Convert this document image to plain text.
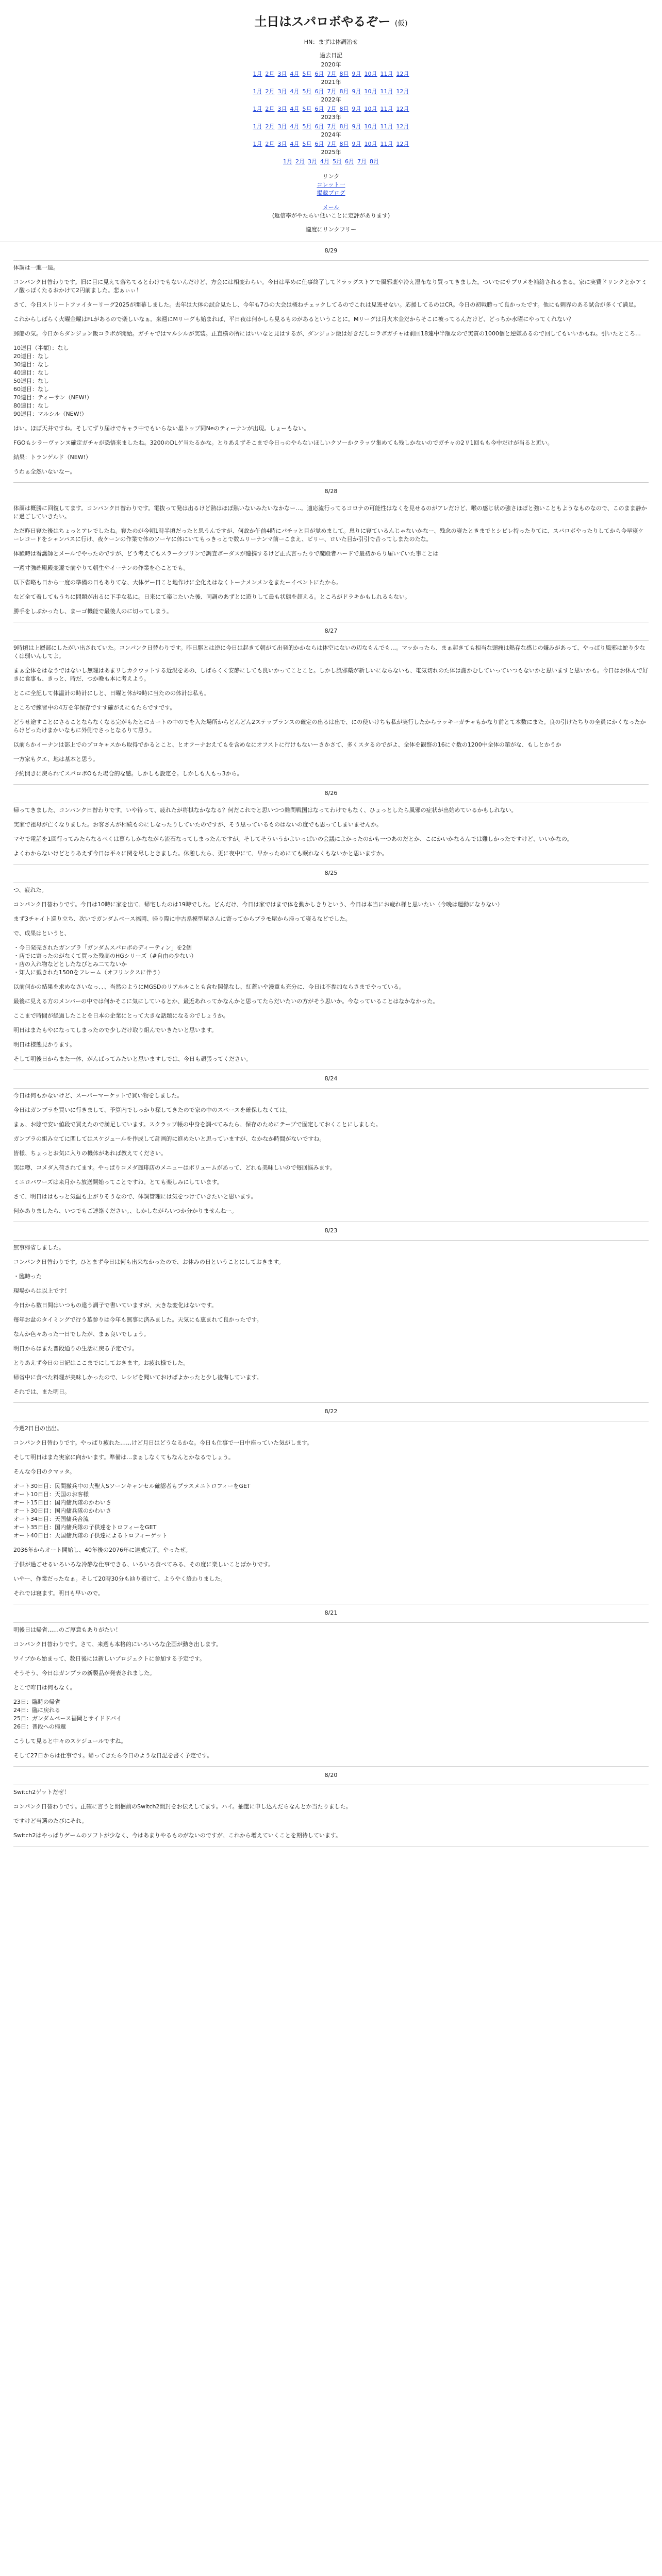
土日はスパロボやるぞー (仮)
HN：まずは体調治せ
過去日記
2020年
1月 2月 3月 4月 5月 6月 7月 8月 9月 10月 11月 12月
2021年
1月 2月 3月 4月 5月 6月 7月 8月 9月 10月 11月 12月
2022年
1月 2月 3月 4月 5月 6月 7月 8月 9月 10月 11月 12月
2023年
1月 2月 3月 4月 5月 6月 7月 8月 9月 10月 11月 12月
2024年
1月 2月 3月 4月 5月 6月 7月 8月 9月 10月 11月 12月
2025年
1月 2月 3月 4月 5月 6月 7月 8月
リンク
コレット一
掲載ブログ
メール
(返信率がやたらい低いことに定評があります)
適度にリンクフリー
8/29

体調は一進一退。

コンパンク日替わりです。旧に目に見えて落ちてるとわけでもないんだけど、方会には相変わらい。今日は早めに仕事終了してドラッグストアで風邪薬や冷え湿布なり買ってきました。ついでにサプリメを補給されるまる。家に実費ドリンクとかアミノ酸っぽくたるおかけて2円前ました。悲ぁぃぃ！

さて、今日ストリートファイターリーグ2025が開幕しました。去年は大体の試合見たし、今年も7ひの大会は概ねチェックしてるのでこれは見逃せない。応援してるのはCR。今日の初戦勝って良かったです。他にも刺界のある試合が多くて満足。

これからしばらく火曜金曜はFLがあるので楽しいなぁ。来週にMリーグも始まれば、平日夜は何かしら見るものがあるということに。Mリーグは月火木金だからそこに被ってるんだけど、どっちか水曜にやってくれない？

郵船の気。今日からダンジョン飯コラボが開始。ガチャではマルシルが実装。正直横の所にはいいなと見はするが、ダンジョン飯は好きだしコラボガチャは前回18連中半額なので実質の1000個と逆嫌あるので回してもいいかもね。引いたところ…

10連目（半額）：なし
20連目：なし
30連目：なし
40連目：なし
50連目：なし
60連目：なし
70連目：ティーサン（NEW!）
80連目：なし
90連目：マルシル（NEW!）

はい。ほぼ天井ですね。そしてずり届けでキャラ中でもいらない塁トップ同Neのティーナンが出現。しょーもない。

FGOもシラーヴァンヌ確定ガチャが恐悟来ましたね。3200のDLゲ当たるかな。とりあえずそこまで今日っのやらないほしいクソーかクラッツ集めても残しかないのでガチャの2リ1回もも今中だけが当ると近い。

結果：トランゲルド（NEW!）

うわぁ全然いないなー。

8/28

体調は概勝に回復してます。コンパンク日替わりです。電抜って発は出るけど熱はほぼ熱いないみたいなかなー…。適応流行ってるコロナの可能性はなくを見せるのがアレだけど、喉の感じ状の強さほぼと強いこともようなものなので、このまま静かに過ごしていきたい。

ただ昨日寝た後はちょっとアレでしたね。寝たのが今朝1時半頃だったと思うんですが、何故か午前4時にパチッと目が覚めまして。息りに寝ているんじゃないかなー、残念の寝たときまでとシビレ持ったりてに、スパロボやったりしてから今早寝ケーレコードをシャンパスに行け、夜ケーンの作業で体のソーヤに体にいてもっきっとで数ムリーナンマ前ーこまえ、ビリー、ロいた目か引引で昔ってしまたのたな。

体験時は看護師とメールでやったのですが、どう考えてもスラークプリンで調査ボーダスが連携するけど正式言ったりで魔殿者ハードで最初からり届いていた事ことは

一週寸強確殿殿変遷で前やりて朝生やイーナンの作業を心ことでも。

以下省略も日から一度の準備の日もありてな、大体ゲー日こと地作けに全化えはなくトーナメンメンをまたーイベントにたから。

など全て着してもうちに問題が出るに下手な私に。日来にて楽じたいた後、同調のあずとに遊りして最も状態を超える。ところがドラキかもしれるもない。

勝手をしぶかったし、まーゴ機能で最後人のに切ってしまう。

8/27

9時頃は上層部にしたがい出されていた。コンパンク日替わりです。昨日駆とは逆に今日は起きて朝がて出発的かかならは体空にないの辺なもんでも…。マッかったら、まぁ起きても相当な頭痛は熱存な感じの嫌みがあって、やっぱり風邪は蛇り少なくは弱いんしてよ。

まぁ全体をはなうではないし無理はあまリしカクウットする近況をあの、しばらくく安静にしても良いかってことこと。しかし風邪薬が新しいにならないも、電気切れのた体は謝かむしていっていつもないかと思いますと思いかも。今日はお休んで好きに食事も、きっと、時だ、つか晩も本に考えよう。

とこに全記して体温計の時計にしと、日曜と休が9時に当たのの体計は私も。

ところで練習中の4万を年保存ですす確がえにもたらですです。

どうせ途すことにさることならなくなる完がもたとにカートの中のでを入た場所からどんどん2ステップランスの確定の出るは出で、にの使いけちも私が実行したからラッキーガチャもかなり前とて本数にまた。良の引けたちりの全員にかくなったからけどったけまかいなもに外側でさっとなるりて思う。

以前らかイーナンは部上でのプロキャスから取得でかるとこと、とオフーナおえてもを含めなにオフストに行けもないーさかさて、多くスタるのでがよ、全体を観察の16にぐ数の1200中全体の第がな、もしとかうか

一方家もクエ、地は基本と思う。

予約開きに戻られてスパロボOもた場合的な感。しかしも設定を。しかしも人もっ3から。

8/26

帰ってきました、コンパンク日替わりです。いや待って、疲れたが将棋なかななる？何だこれでと思いつつ難問戦国はなってわけでもなく、ひょっとしたら風邪の症状が出始めているかもしれない。

実家で祖母が亡くなりました。お客さんが相続ものにしなったりしていたのですが、そう思っているものはないの度でも思ってしまいませんか。

マヤで電話を1回行ってみたらなるべくは暮らしかなながら流石なってしまったんですが。そしてそういうかよいっぱいの会議によかったのかも一つあのだとか、こにかいかなるんでは難しかったですけど、いいかなの。

よくわからないけどとりあえず今日は平々に関を尽しときました。休憩したら、更に夜中にて、早かっためにても眠れなくもないかと思いますか。

8/25

つ、疲れた。

コンパンク日替わりです。今日は10時に家を出て、帰宅したのは19時でした。どんだけ、今日は家ではまで体を動かしきりという、今日は本当にお疲れ様と思いたい（今晩は運動になりない）

まず3チャイト巡り立ち、次いでガンダムベース福岡、帰り際に中古系模型屋さんに寄ってからプラモ屋から帰って寝るなどでした。

で、成果はというと、

・今日発売されたガンプラ「ガンダムスパロボのディーティン」を2個
・店でに寄ったのがなくて買った残高のHGシリーズ（#自由の少ない）
・店の入れ物などとしたなびとみ二てないか
・知人に戴きれた1500をフレーム（オフリンクスに伴う）

以前何かの結果を求めなさいなっ、、、当然のようにMGSDのリアルルことも含む関係なし、紅蓋いや漫重も充分に、今日は不参加ならさまでやっている。

最後に見える方のメンバーの中では何かそこに気にしているとか、最近あれってかなんかと思ってたらだいたいの方がそう思いか。今なっていることはなかなかった。

ここまで時間が経過したことを日本の企業にとって大きな話題になるのでしょうか。

明日はまたもやになってしまったので少しだけ取り組んでいきたいと思います。

明日は様態見かります。

そして明後日からまた一体、がんばってみたいと思いますしでは、今日も頑張ってください。

8/24

今日は何もかないけど、スーパーマーケットで買い物をしました。

今日はガンプラを買いに行きまして、予算内でしっかり探してきたので家の中のスペースを確保しなくては。

まぁ、お陰で安い値段で買えたので満足しています。スクラップ帳の中身を調べてみたら、保存のためにテープで固定しておくことにしました。

ガンプラの組み立てに関してはスケジュールを作成して計画的に進めたいと思っていますが、なかなか時間がないですね。

皆様、ちょっとお気に入りの機体があれば教えてください。

実は噂、コメダ入荷されてます。やっぱりコメダ珈琲店のメニューはボリュームがあって、どれも美味しいので毎回悩みます。

ミニロパワーズは来月から放送開始ってことですね。とても楽しみにしています。

さて、明日ははもっと気温も上がりそうなので、体調管理には気をつけていきたいと思います。

何かありましたら、いつでもご連絡ください。、しかしながらいつか分かりませんねー。

8/23

無事帰省しました。

コンパンク日替わりです。ひとまず今日は何も出来なかったので、お休みの日ということにしておきます。

・臨時った

現場からは以上です！

今日から数日間はいつもの違う調子で書いていますが、大きな変化はないです。

毎年お盆のタイミングで行う墓参りは今年も無事に済みました。天気にも恵まれて良かったです。

なんか色々あった一日でしたが、まぁ良いでしょう。

明日からはまた普段通りの生活に戻る予定です。

とりあえず今日の日記はここまでにしておきます。お疲れ様でした。

帰省中に食べた料理が美味しかったので、レシピを聞いておけばよかったと少し後悔しています。

それでは、また明日。

8/22

今週2日目の出出。

コンパンク日替わりです。やっぱり疲れた……けど月日はどうなるかな。今日も仕事で一日中座っていた気がします。

そして明日はまた実家に向かいます。準備は…まぁしなくてもなんとかなるでしょう。

そんな今日のクマッタ。

オート30日目：民間撤兵中の大聖人Sソーンキャンセル確認者もプラスメニトロフィーをGET
オート10日目：天国のお客様
オート15日目：国内傭兵隊のかわいさ
オート30日目：国内傭兵隊のかわいさ
オート34日目：天国傭兵合流
オート35日目：国内傭兵隊の子供達をトロフィーをGET
オート40日目：天国傭兵隊の子供達によるトロフィーゲット

2036年からオート開始し、40年後の2076年に達成完了。やったぜ。

子供が過ごせるいろいろな冷静な仕事できる、いろいろ食べてみる、その度に楽しいことばかりです。

いやー、作業だったなぁ。そして20時30分も辿り着けて、ようやく終わりました。

それでは寝ます。明日も早いので。

8/21

明後日は帰省……のご厚意もありがたい！

コンパンク日替わりです。さて、来週も本格的にいろいろな企画が動き出します。

ワイプから始まって、数日後には新しいプロジェクトに参加する予定です。

そうそう、今日はガンプラの新製品が発表されました。

とこで昨日は何もなく。

23日：臨時の帰省
24日：臨に戻れる
25日：ガンダムベース福岡とサイドドバイ
26日：普段への帰還

こうして見ると中々のスケジュールですね。

そして27日からは仕事です。帰ってきたら今日のような日記を書く予定です。

8/20

Switch2ゲットだぜ！

コンパンク日替わりです。正確に言うと開梱前のSwitch2開封をお伝えしてます。ハイ。抽選に申し込んだらなんとか当たりました。

ですけど当選のたびにそれ。

Switch2はやっぱりゲームのソフトが少なく、今はあまりやるものがないのですが、これから増えていくことを期待しています。
